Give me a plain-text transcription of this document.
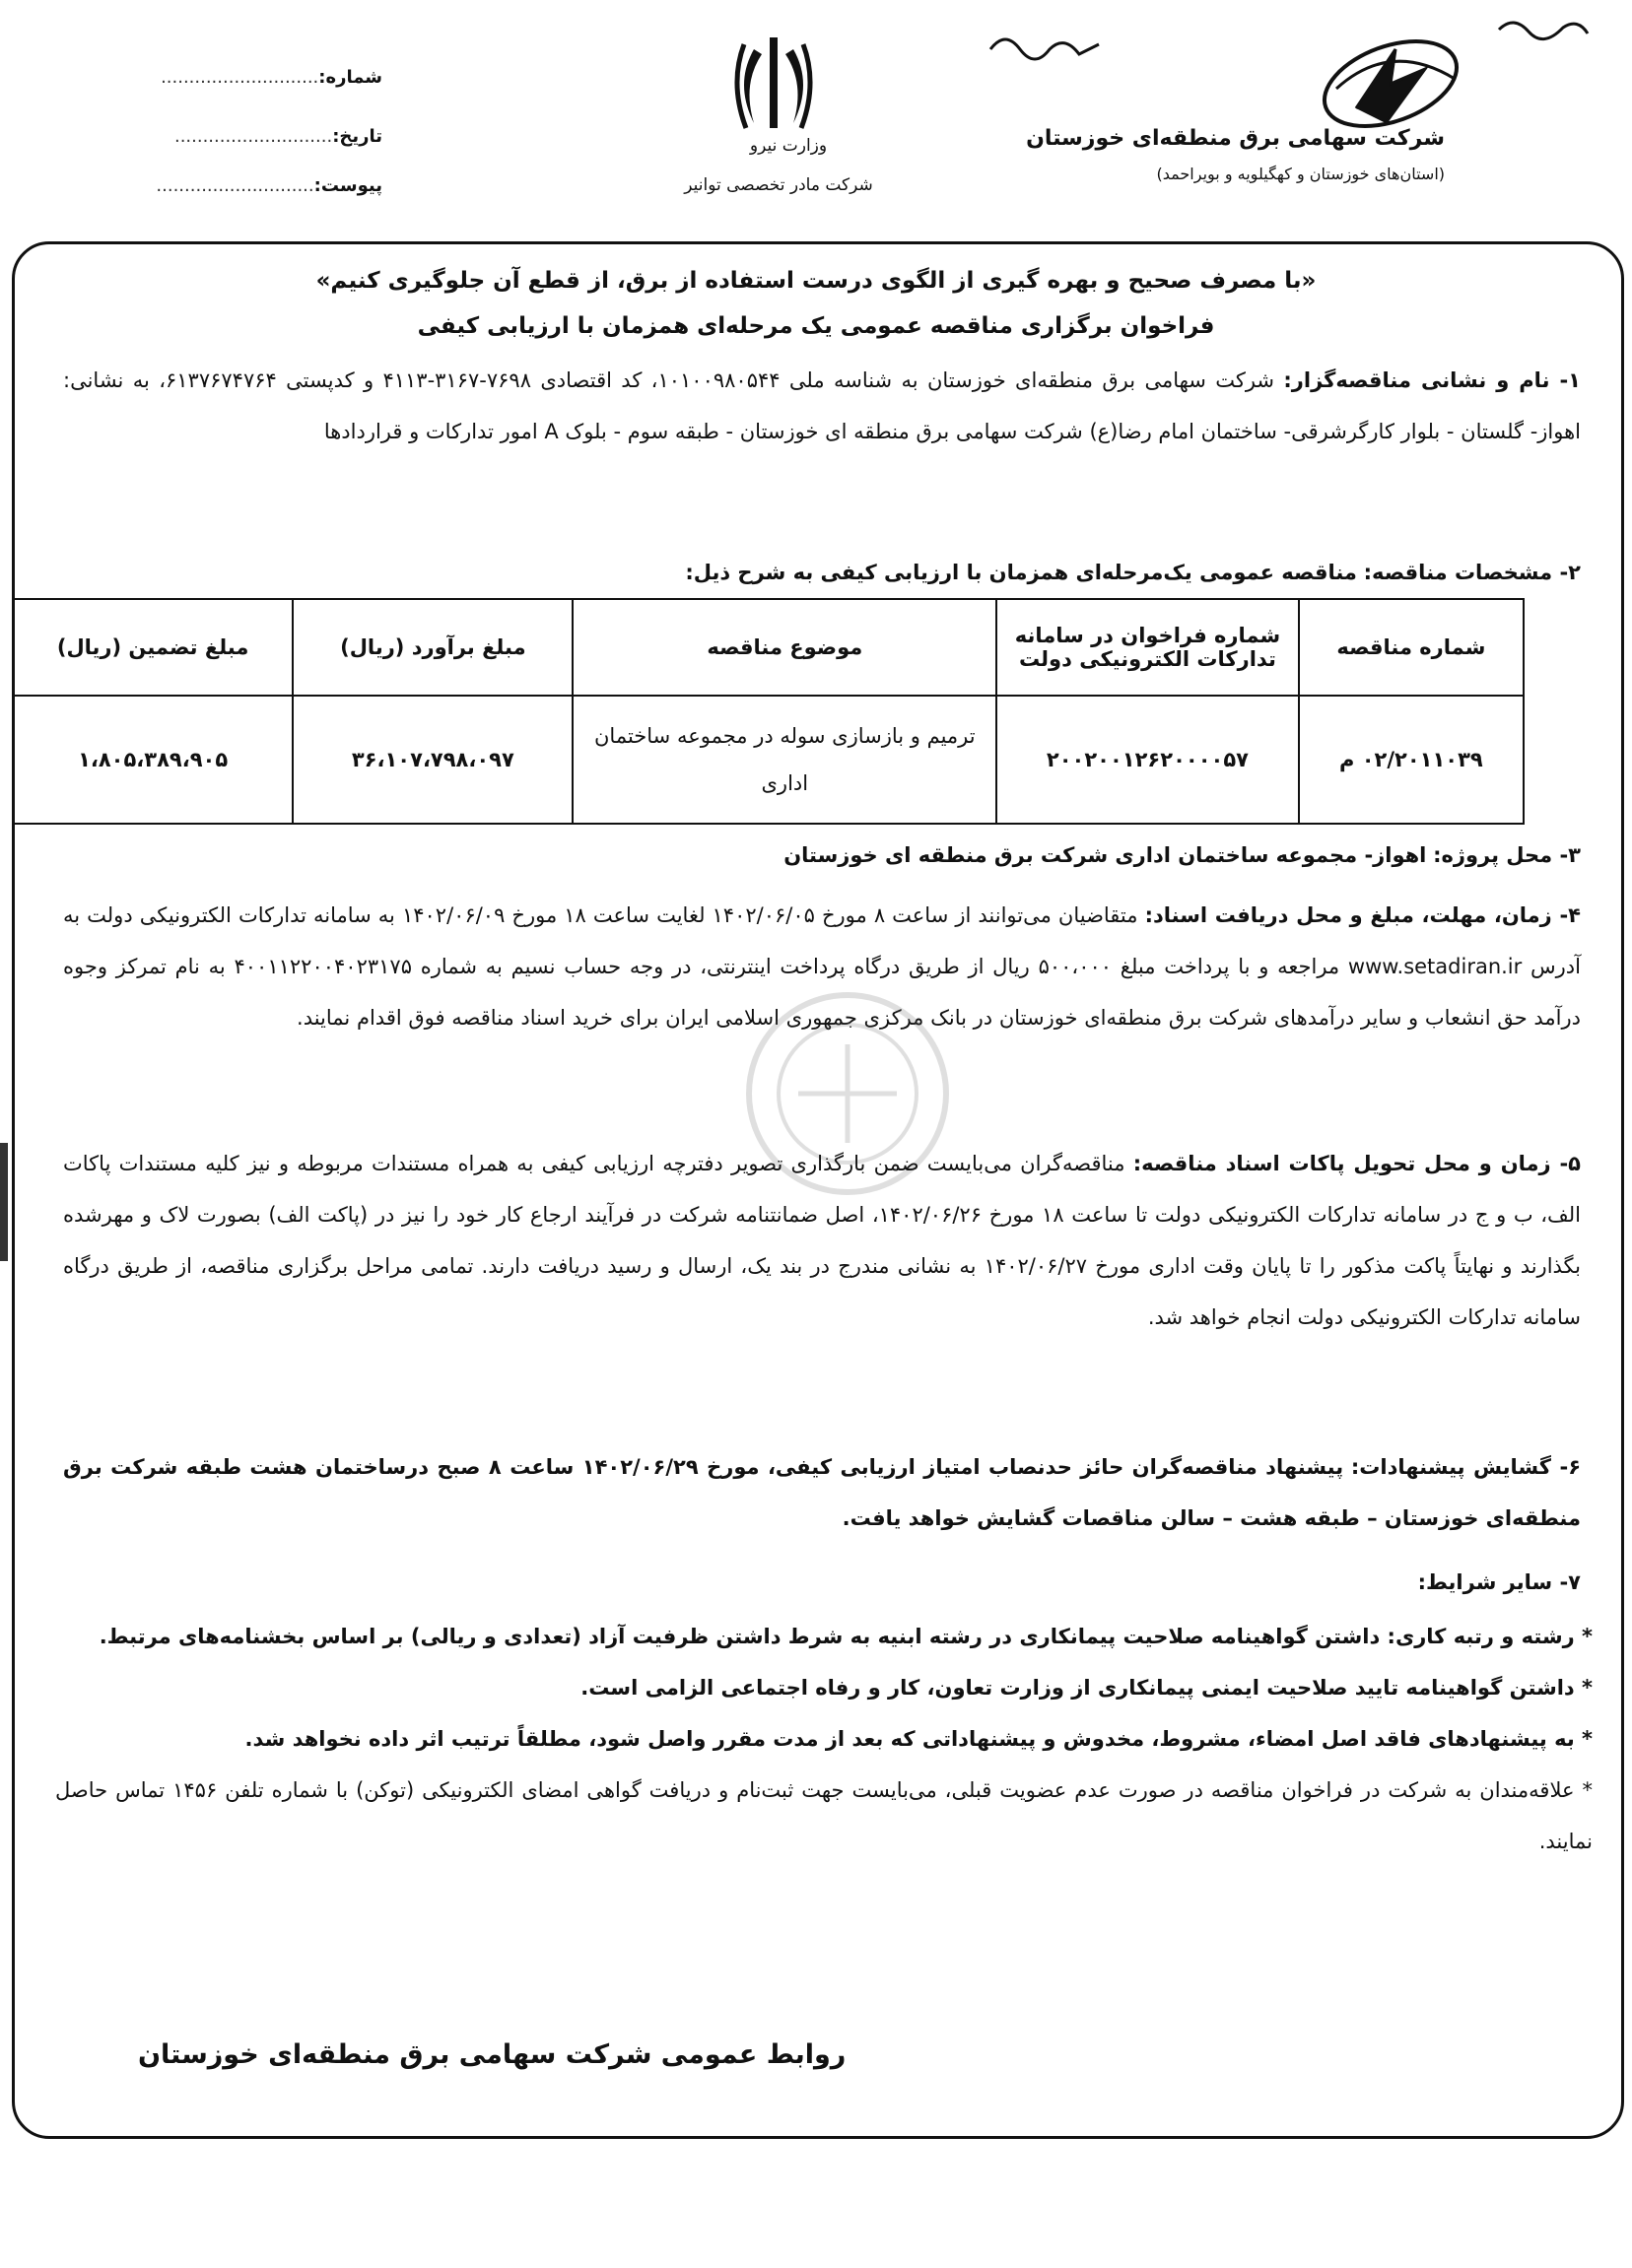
شرکت سهامی برق منطقه‌ای خوزستان
(استان‌های خوزستان و کهگیلویه و بویراحمد)
وزارت نیرو
شرکت مادر تخصصی توانیر
شماره:............................
تاریخ:............................
پیوست:............................
«با مصرف صحیح و بهره گیری از الگوی درست استفاده از برق، از قطع آن جلوگیری کنیم»
فراخوان برگزاری مناقصه عمومی یک مرحله‌ای همزمان با ارزیابی کیفی
۱- نام و نشانی مناقصه‌گزار: شرکت سهامی برق منطقه‌ای خوزستان به شناسه ملی ۱۰۱۰۰۹۸۰۵۴۴، کد اقتصادی ۷۶۹۸-۳۱۶۷-۴۱۱۳ و کدپستی ۶۱۳۷۶۷۴۷۶۴، به نشانی: اهواز- گلستان - بلوار کارگرشرقی- ساختمان امام رضا(ع) شرکت سهامی برق منطقه ای خوزستان - طبقه سوم - بلوک A امور تدارکات و قراردادها
۲- مشخصات مناقصه: مناقصه عمومی یک‌مرحله‌ای همزمان با ارزیابی کیفی به شرح ذیل:
شماره مناقصه	شماره فراخوان در سامانه تدارکات الکترونیکی دولت	موضوع مناقصه	مبلغ برآورد (ریال)	مبلغ تضمین (ریال)
۰۲/۲۰۱۱۰۳۹ م	۲۰۰۲۰۰۱۲۶۲۰۰۰۰۵۷	ترمیم و بازسازی سوله در مجموعه ساختمان اداری	۳۶،۱۰۷،۷۹۸،۰۹۷	۱،۸۰۵،۳۸۹،۹۰۵
۳- محل پروژه: اهواز- مجموعه ساختمان اداری شرکت برق منطقه ای خوزستان
۴- زمان، مهلت، مبلغ و محل دریافت اسناد: متقاضیان می‌توانند از ساعت ۸ مورخ ۱۴۰۲/۰۶/۰۵ لغایت ساعت ۱۸ مورخ ۱۴۰۲/۰۶/۰۹ به سامانه تدارکات الکترونیکی دولت به آدرس www.setadiran.ir مراجعه و با پرداخت مبلغ ۵۰۰،۰۰۰ ریال از طریق درگاه پرداخت اینترنتی، در وجه حساب نسیم به شماره ۴۰۰۱۱۲۲۰۰۴۰۲۳۱۷۵ به نام تمرکز وجوه درآمد حق انشعاب و سایر درآمدهای شرکت برق منطقه‌ای خوزستان در بانک مرکزی جمهوری اسلامی ایران برای خرید اسناد مناقصه فوق اقدام نمایند.
۵- زمان و محل تحویل پاکات اسناد مناقصه: مناقصه‌گران می‌بایست ضمن بارگذاری تصویر دفترچه ارزیابی کیفی به همراه مستندات مربوطه و نیز کلیه مستندات پاکات الف، ب و ج در سامانه تدارکات الکترونیکی دولت تا ساعت ۱۸ مورخ ۱۴۰۲/۰۶/۲۶، اصل ضمانتنامه شرکت در فرآیند ارجاع کار خود را نیز در (پاکت الف) بصورت لاک و مهرشده بگذارند و نهایتاً پاکت مذکور را تا پایان وقت اداری مورخ ۱۴۰۲/۰۶/۲۷ به نشانی مندرج در بند یک، ارسال و رسید دریافت دارند. تمامی مراحل برگزاری مناقصه، از طریق درگاه سامانه تدارکات الکترونیکی دولت انجام خواهد شد.
۶- گشایش پیشنهادات: پیشنهاد مناقصه‌گران حائز حدنصاب امتیاز ارزیابی کیفی، مورخ ۱۴۰۲/۰۶/۲۹ ساعت ۸ صبح درساختمان هشت طبقه شرکت برق منطقه‌ای خوزستان – طبقه هشت – سالن مناقصات گشایش خواهد یافت.
۷- سایر شرایط:
* رشته و رتبه کاری: داشتن گواهینامه صلاحیت پیمانکاری در رشته ابنیه به شرط داشتن ظرفیت آزاد (تعدادی و ریالی) بر اساس بخشنامه‌های مرتبط.
* داشتن گواهینامه تایید صلاحیت ایمنی پیمانکاری از وزارت تعاون، کار و رفاه اجتماعی الزامی است.
* به پیشنهادهای فاقد اصل امضاء، مشروط، مخدوش و پیشنهاداتی که بعد از مدت مقرر واصل شود، مطلقاً ترتیب اثر داده نخواهد شد.
* علاقه‌مندان به شرکت در فراخوان مناقصه در صورت عدم عضویت قبلی، می‌بایست جهت ثبت‌نام و دریافت گواهی امضای الکترونیکی (توکن) با شماره تلفن ۱۴۵۶ تماس حاصل نمایند.
روابط عمومی شرکت سهامی برق منطقه‌ای خوزستان
